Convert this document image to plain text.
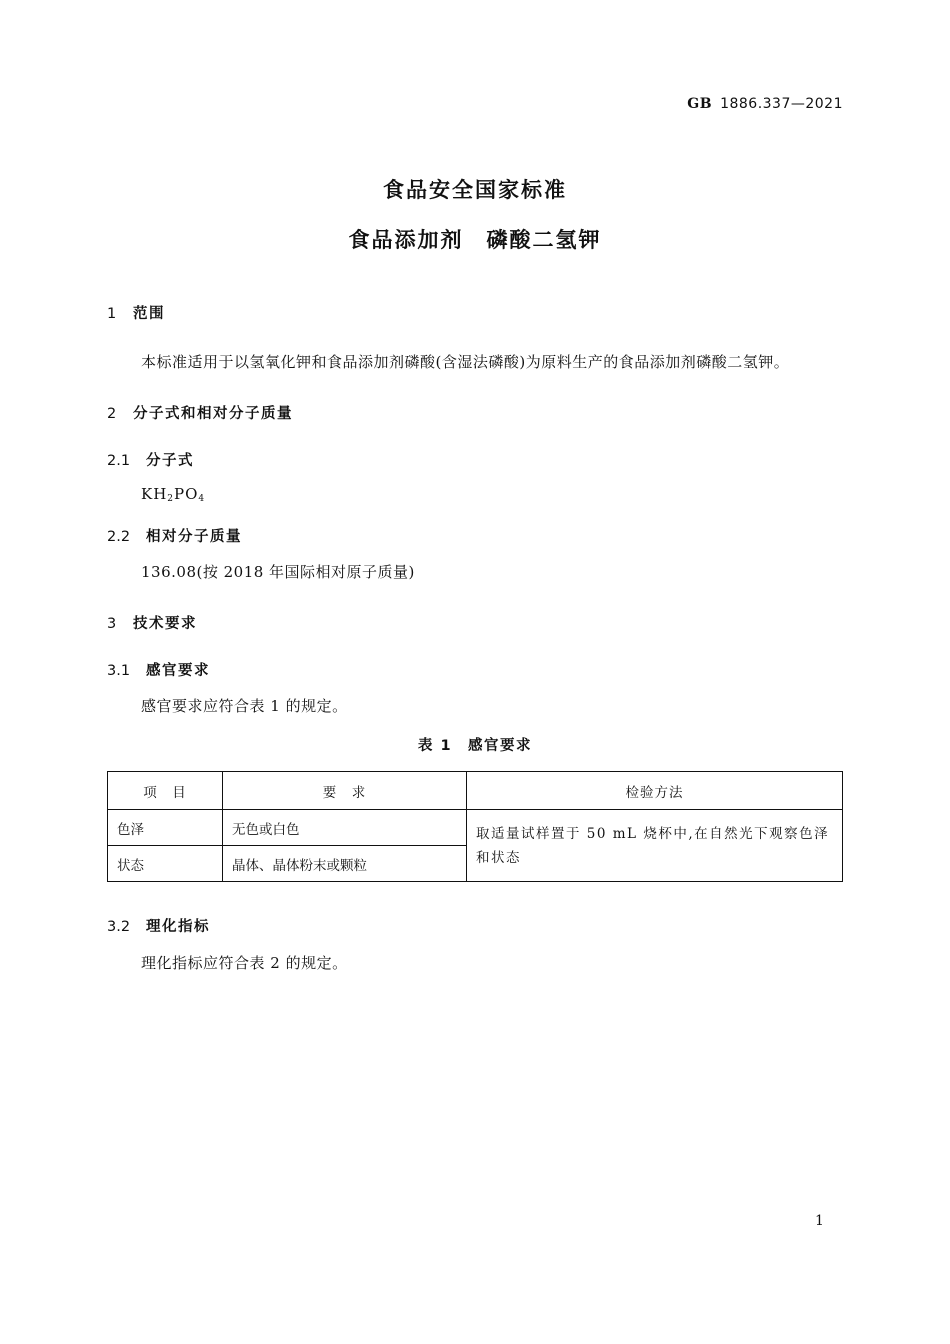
GB 1886.337—2021
食品安全国家标准
食品添加剂　磷酸二氢钾
1 范围
本标准适用于以氢氧化钾和食品添加剂磷酸(含湿法磷酸)为原料生产的食品添加剂磷酸二氢钾。
2 分子式和相对分子质量
2.1 分子式
$KH_2PO_4$
2.2 相对分子质量
136.08(按 2018 年国际相对原子质量)
3 技术要求
3.1 感官要求
感官要求应符合表 1 的规定。
表 1　感官要求
项　目	要　求	检验方法
色泽	无色或白色	取适量试样置于 50 mL 烧杯中,在自然光下观察色泽和状态
状态	晶体、晶体粉末或颗粒	
3.2 理化指标
理化指标应符合表 2 的规定。
1
